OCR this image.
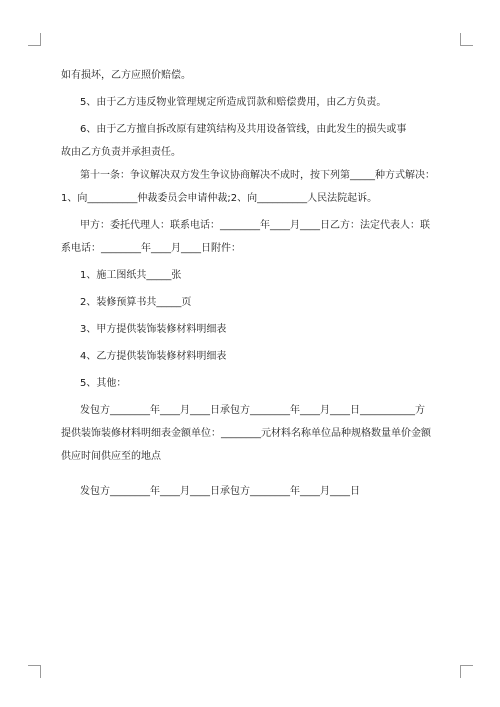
如有损坏，乙方应照价赔偿。

5、由于乙方违反物业管理规定所造成罚款和赔偿费用，由乙方负责。

6、由于乙方擅自拆改原有建筑结构及共用设备管线，由此发生的损失或事

故由乙方负责并承担责任。

第十一条：争议解决双方发生争议协商解决不成时，按下列第_____种方式解决：

1、向__________仲裁委员会申请仲裁;2、向__________人民法院起诉。

甲方：委托代理人：联系电话：________年____月____日乙方：法定代表人：联

系电话：________年____月____日附件：

1、施工图纸共_____张

2、装修预算书共_____页

3、甲方提供装饰装修材料明细表

4、乙方提供装饰装修材料明细表

5、其他：

发包方________年____月____日承包方________年____月____日___________方

提供装饰装修材料明细表金额单位：________元材料名称单位品种规格数量单价金额

供应时间供应至的地点

发包方________年____月____日承包方________年____月____日
